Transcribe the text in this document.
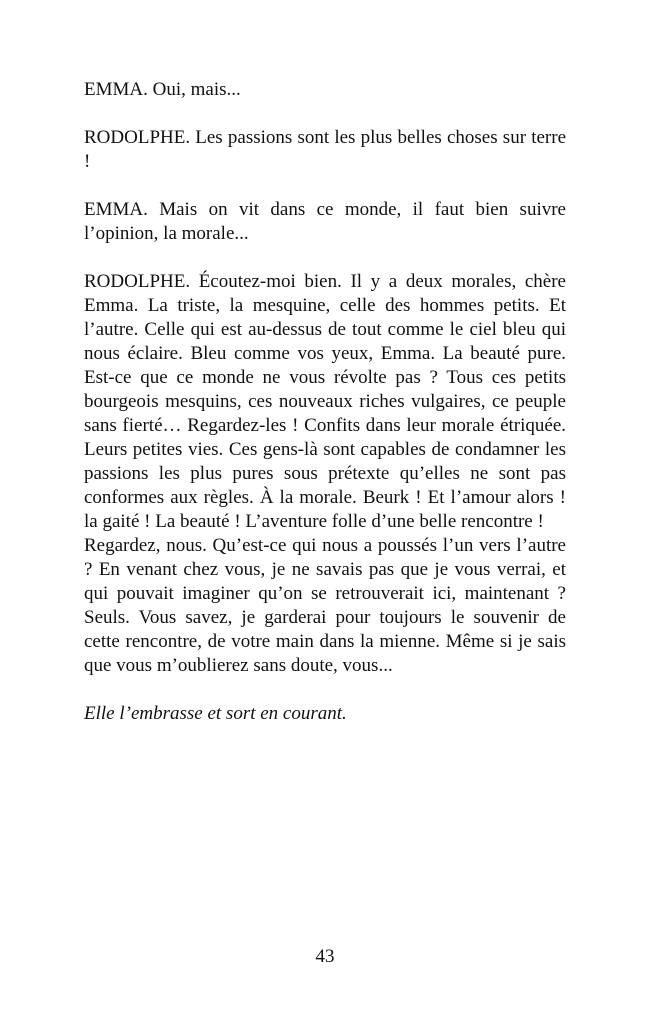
EMMA. Oui, mais...

RODOLPHE. Les passions sont les plus belles choses sur terre !

EMMA. Mais on vit dans ce monde, il faut bien suivre l’opinion, la morale...

RODOLPHE. Écoutez-moi bien. Il y a deux morales, chère Emma. La triste, la mesquine, celle des hommes petits. Et l’autre. Celle qui est au-dessus de tout comme le ciel bleu qui nous éclaire. Bleu comme vos yeux, Emma. La beauté pure. Est-ce que ce monde ne vous révolte pas ? Tous ces petits bourgeois mesquins, ces nouveaux riches vulgaires, ce peuple sans fierté… Regardez-les ! Confits dans leur morale étriquée. Leurs petites vies. Ces gens-là sont capables de condamner les passions les plus pures sous prétexte qu’elles ne sont pas conformes aux règles. À la morale. Beurk ! Et l’amour alors ! la gaité ! La beauté ! L’aventure folle d’une belle rencontre !

Regardez, nous. Qu’est-ce qui nous a poussés l’un vers l’autre ? En venant chez vous, je ne savais pas que je vous verrai, et qui pouvait imaginer qu’on se retrouverait ici, maintenant ? Seuls. Vous savez, je garderai pour toujours le souvenir de cette rencontre, de votre main dans la mienne. Même si je sais que vous m’oublierez sans doute, vous...

Elle l’embrasse et sort en courant.

43
